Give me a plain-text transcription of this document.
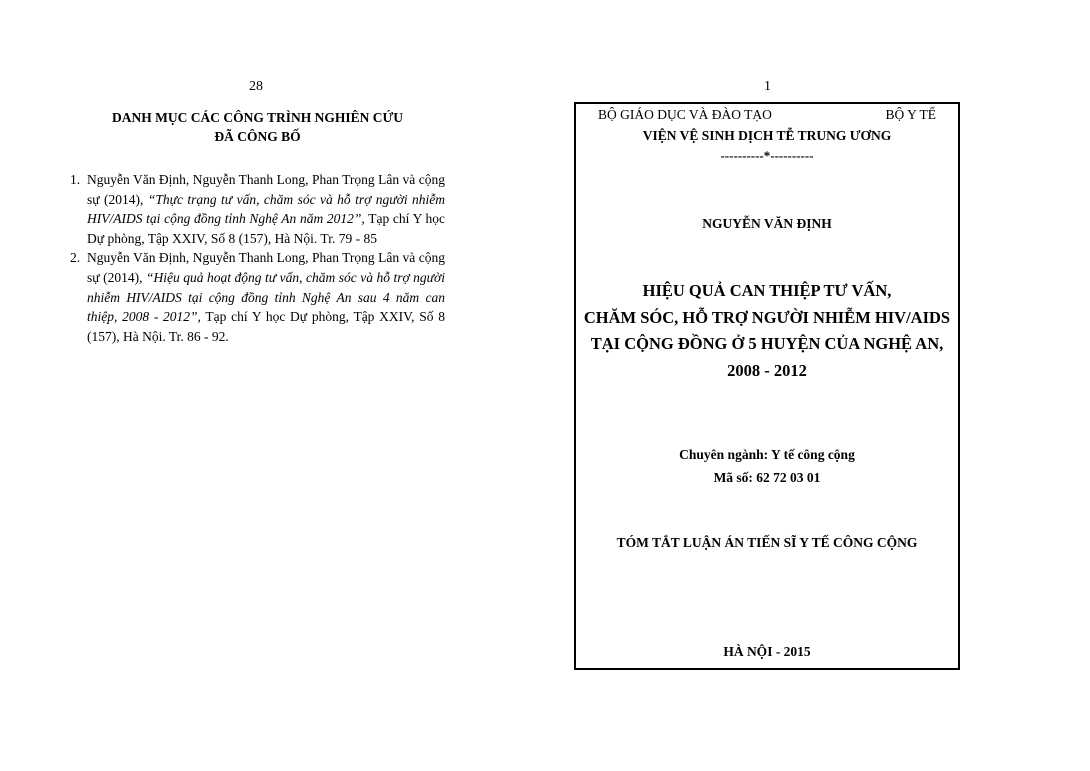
28	1
DANH MỤC CÁC CÔNG TRÌNH NGHIÊN CỨU
ĐÃ CÔNG BỐ
1. Nguyễn Văn Định, Nguyễn Thanh Long, Phan Trọng Lân và cộng sự (2014), “Thực trạng tư vấn, chăm sóc và hỗ trợ người nhiễm HIV/AIDS tại cộng đồng tỉnh Nghệ An năm 2012”, Tạp chí Y học Dự phòng, Tập XXIV, Số 8 (157), Hà Nội. Tr. 79 - 85
2. Nguyễn Văn Định, Nguyễn Thanh Long, Phan Trọng Lân và cộng sự (2014), “Hiệu quả hoạt động tư vấn, chăm sóc và hỗ trợ người nhiễm HIV/AIDS tại cộng đồng tỉnh Nghệ An sau 4 năm can thiệp, 2008 - 2012”, Tạp chí Y học Dự phòng, Tập XXIV, Số 8 (157), Hà Nội. Tr. 86 - 92.
BỘ GIÁO DỤC VÀ ĐÀO TẠO	BỘ Y TẾ
VIỆN VỆ SINH DỊCH TỄ TRUNG ƯƠNG
----------*----------
NGUYỄN VĂN ĐỊNH
HIỆU QUẢ CAN THIỆP TƯ VẤN,
CHĂM SÓC, HỖ TRỢ NGƯỜI NHIỄM HIV/AIDS
TẠI CỘNG ĐỒNG Ở 5 HUYỆN CỦA NGHỆ AN,
2008 - 2012
Chuyên ngành: Y tế công cộng
Mã số: 62 72 03 01
TÓM TẮT LUẬN ÁN TIẾN SĨ Y TẾ CÔNG CỘNG
HÀ NỘI - 2015
